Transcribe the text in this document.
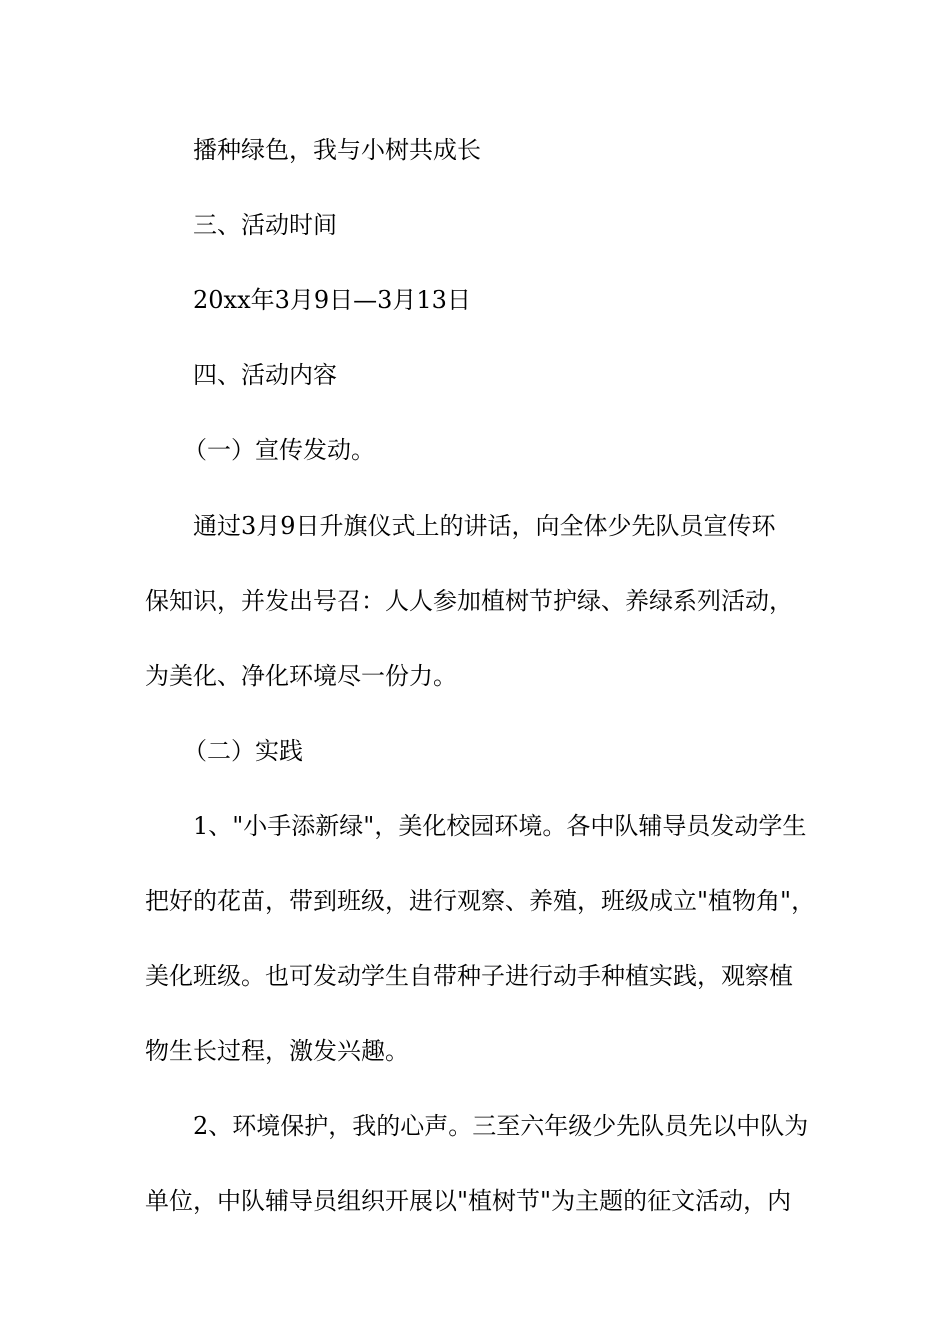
播种绿色，我与小树共成长
三、活动时间
20xx年3月9日—3月13日
四、活动内容
（一）宣传发动。
通过3月9日升旗仪式上的讲话，向全体少先队员宣传环
保知识，并发出号召：人人参加植树节护绿、养绿系列活动，
为美化、净化环境尽一份力。
（二）实践
1、"小手添新绿"，美化校园环境。各中队辅导员发动学生
把好的花苗，带到班级，进行观察、养殖，班级成立"植物角"，
美化班级。也可发动学生自带种子进行动手种植实践，观察植
物生长过程，激发兴趣。
2、环境保护，我的心声。三至六年级少先队员先以中队为
单位，中队辅导员组织开展以"植树节"为主题的征文活动，内
